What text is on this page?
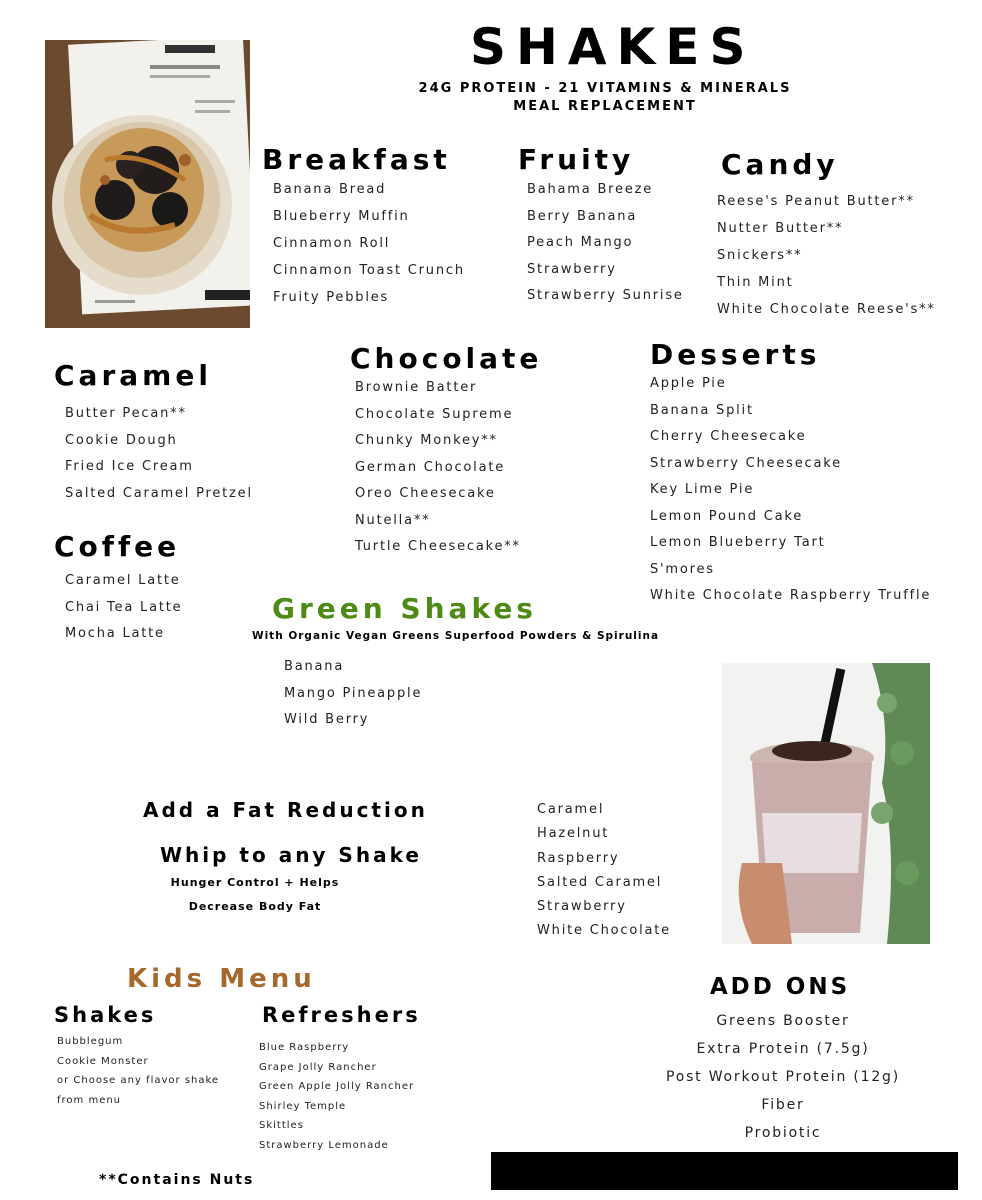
SHAKES
24G PROTEIN - 21 VITAMINS & MINERALS
MEAL REPLACEMENT
Breakfast
Banana Bread
Blueberry Muffin
Cinnamon Roll
Cinnamon Toast Crunch
Fruity Pebbles
Fruity
Bahama Breeze
Berry Banana
Peach Mango
Strawberry
Strawberry Sunrise
Candy
Reese's Peanut Butter**
Nutter Butter**
Snickers**
Thin Mint
White Chocolate Reese's**
Caramel
Butter Pecan**
Cookie Dough
Fried Ice Cream
Salted Caramel Pretzel
Chocolate
Brownie Batter
Chocolate Supreme
Chunky Monkey**
German Chocolate
Oreo Cheesecake
Nutella**
Turtle Cheesecake**
Desserts
Apple Pie
Banana Split
Cherry Cheesecake
Strawberry Cheesecake
Key Lime Pie
Lemon Pound Cake
Lemon Blueberry Tart
S'mores
White Chocolate Raspberry Truffle
Coffee
Caramel Latte
Chai Tea Latte
Mocha Latte
Green Shakes
With Organic Vegan Greens Superfood Powders & Spirulina
Banana
Mango Pineapple
Wild Berry
Add a Fat Reduction
Whip to any Shake
Hunger Control + Helps
Decrease Body Fat
Caramel
Hazelnut
Raspberry
Salted Caramel
Strawberry
White Chocolate
Kids Menu
Shakes
Bubblegum
Cookie Monster
or Choose any flavor shake
from menu
Refreshers
Blue Raspberry
Grape Jolly Rancher
Green Apple Jolly Rancher
Shirley Temple
Skittles
Strawberry Lemonade
ADD ONS
Greens Booster
Extra Protein (7.5g)
Post Workout Protein (12g)
Fiber
Probiotic
**Contains Nuts
